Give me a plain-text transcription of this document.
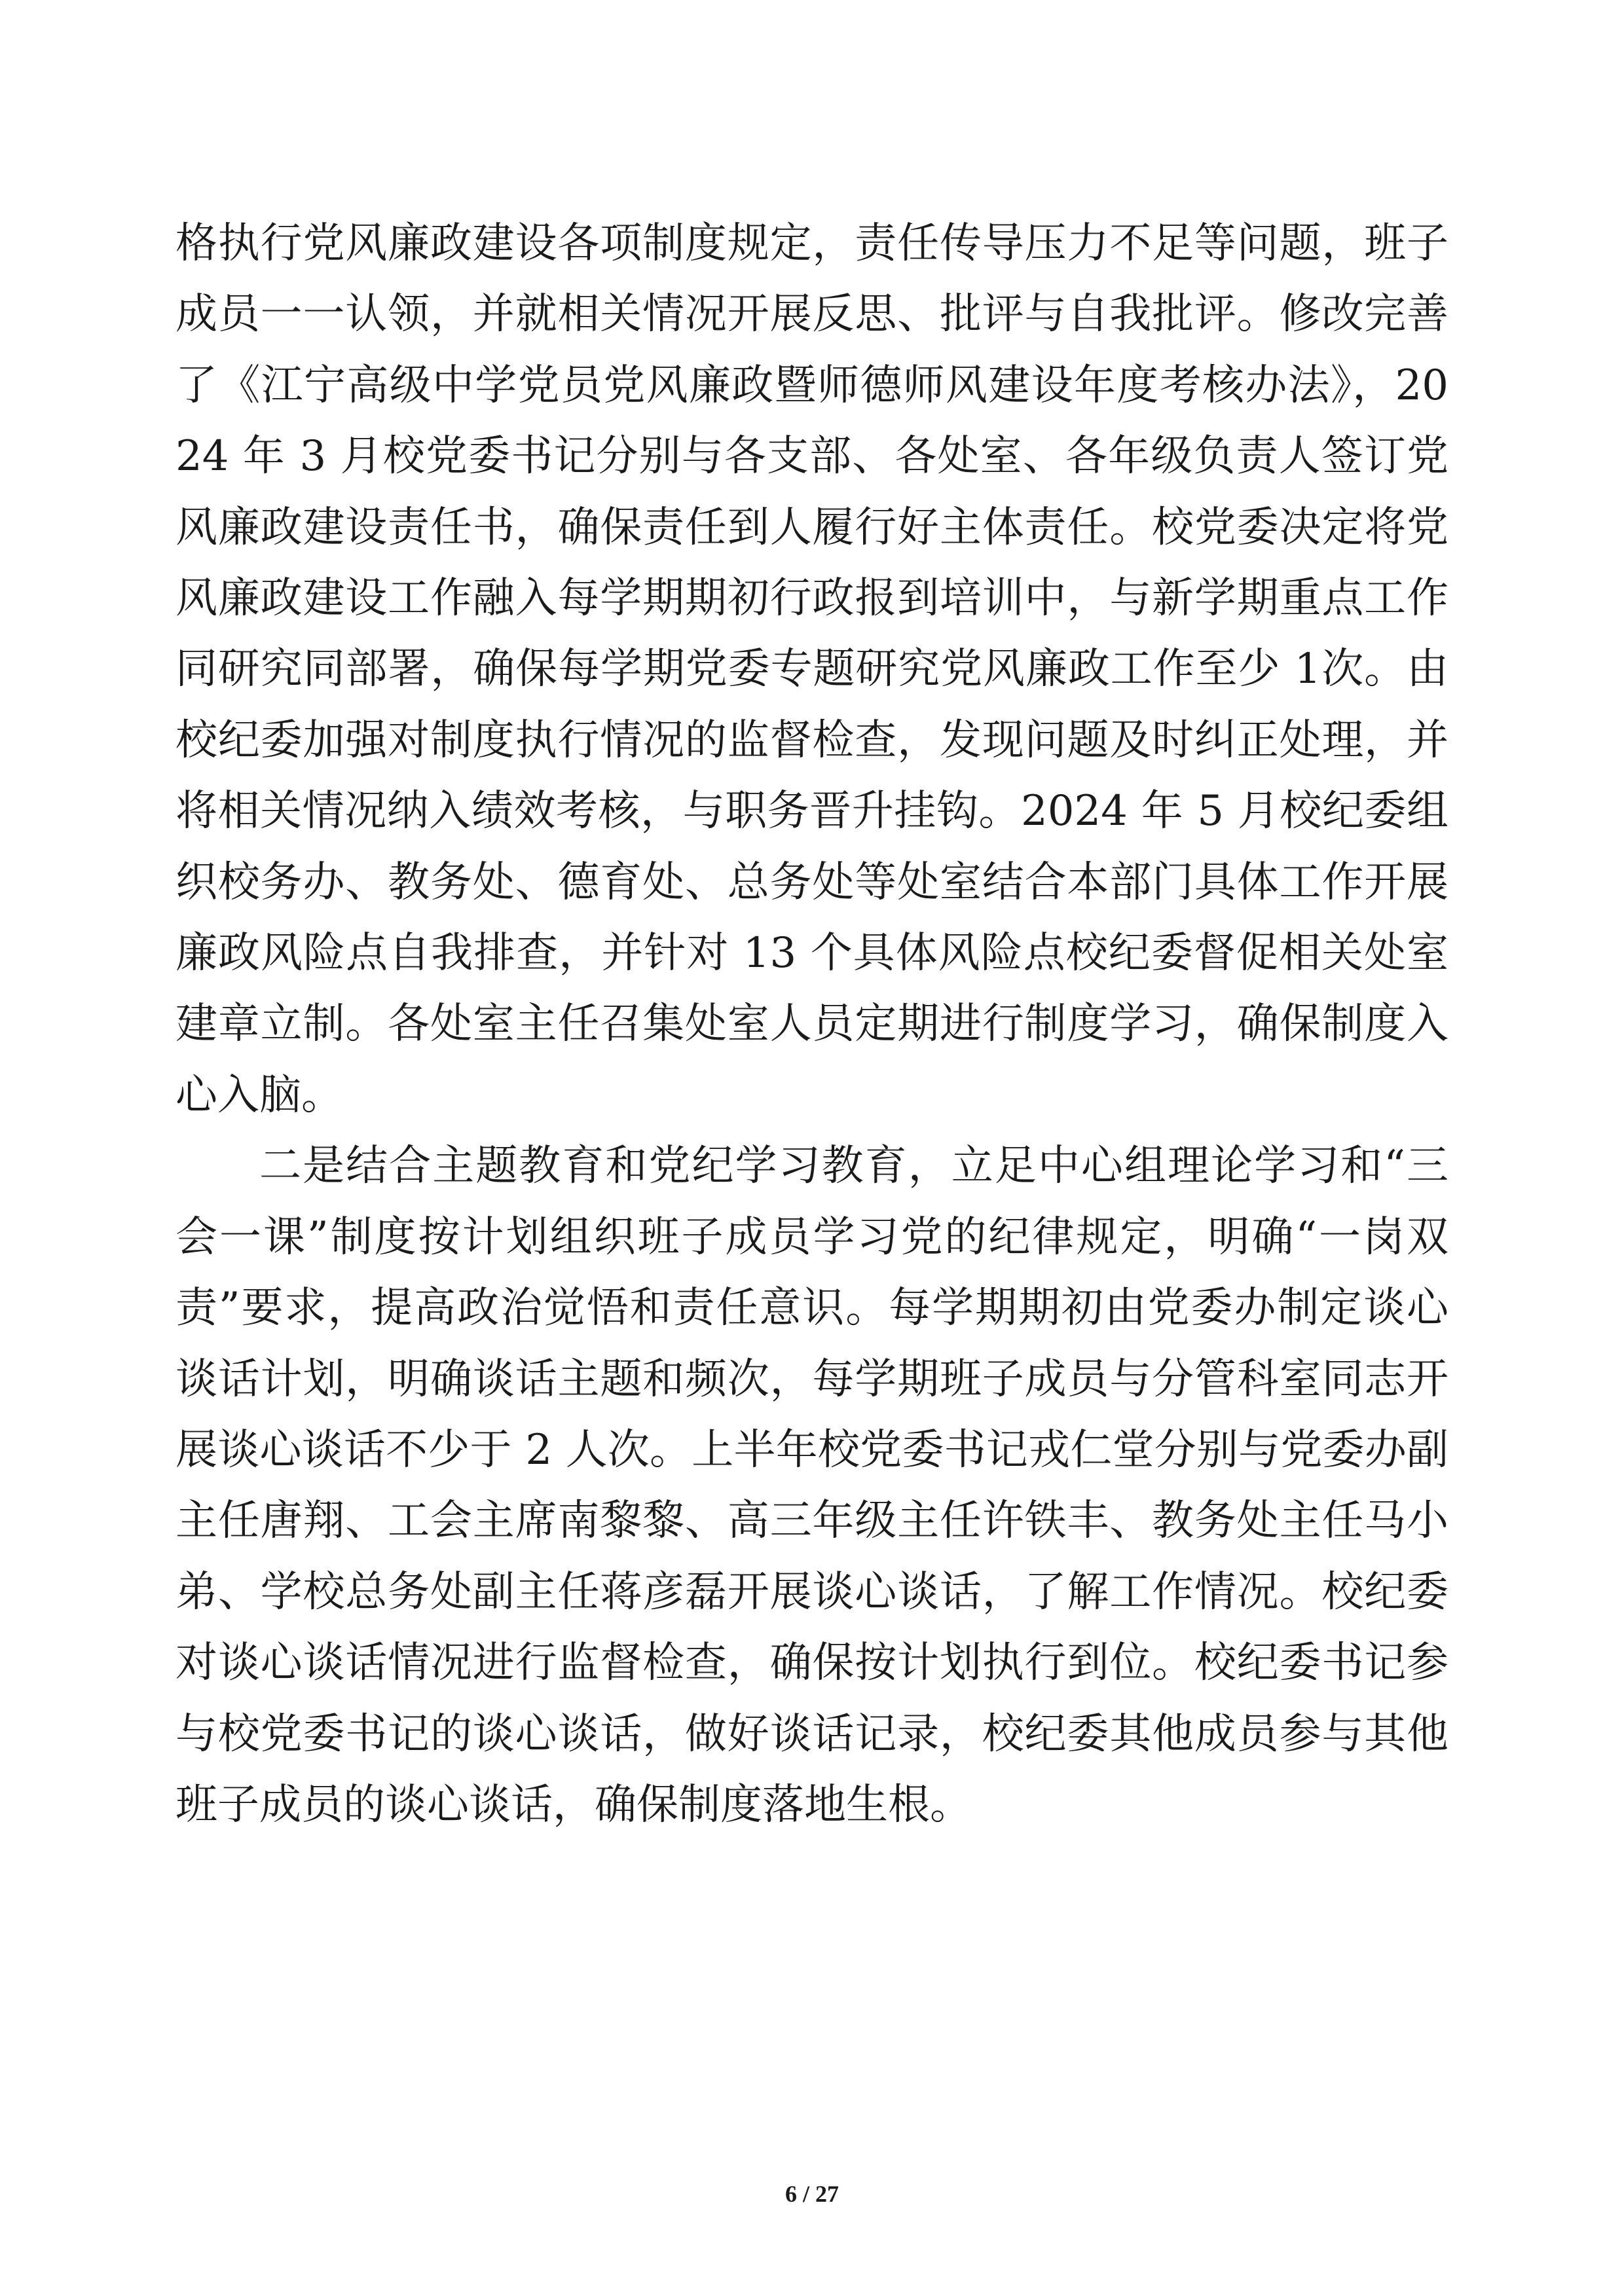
格执行党风廉政建设各项制度规定，责任传导压力不足等问题，班子成员一一认领，并就相关情况开展反思、批评与自我批评。修改完善了《江宁高级中学党员党风廉政暨师德师风建设年度考核办法》，2024 年 3 月校党委书记分别与各支部、各处室、各年级负责人签订党风廉政建设责任书，确保责任到人履行好主体责任。校党委决定将党风廉政建设工作融入每学期期初行政报到培训中，与新学期重点工作同研究同部署，确保每学期党委专题研究党风廉政工作至少 1次。由校纪委加强对制度执行情况的监督检查，发现问题及时纠正处理，并将相关情况纳入绩效考核，与职务晋升挂钩。2024 年 5 月校纪委组织校务办、教务处、德育处、总务处等处室结合本部门具体工作开展廉政风险点自我排查，并针对 13 个具体风险点校纪委督促相关处室建章立制。各处室主任召集处室人员定期进行制度学习，确保制度入心入脑。

二是结合主题教育和党纪学习教育，立足中心组理论学习和“三会一课”制度按计划组织班子成员学习党的纪律规定，明确“一岗双责”要求，提高政治觉悟和责任意识。每学期期初由党委办制定谈心谈话计划，明确谈话主题和频次，每学期班子成员与分管科室同志开展谈心谈话不少于 2 人次。上半年校党委书记戎仁堂分别与党委办副主任唐翔、工会主席南黎黎、高三年级主任许铁丰、教务处主任马小弟、学校总务处副主任蒋彦磊开展谈心谈话，了解工作情况。校纪委对谈心谈话情况进行监督检查，确保按计划执行到位。校纪委书记参与校党委书记的谈心谈话，做好谈话记录，校纪委其他成员参与其他班子成员的谈心谈话，确保制度落地生根。

6 / 27
